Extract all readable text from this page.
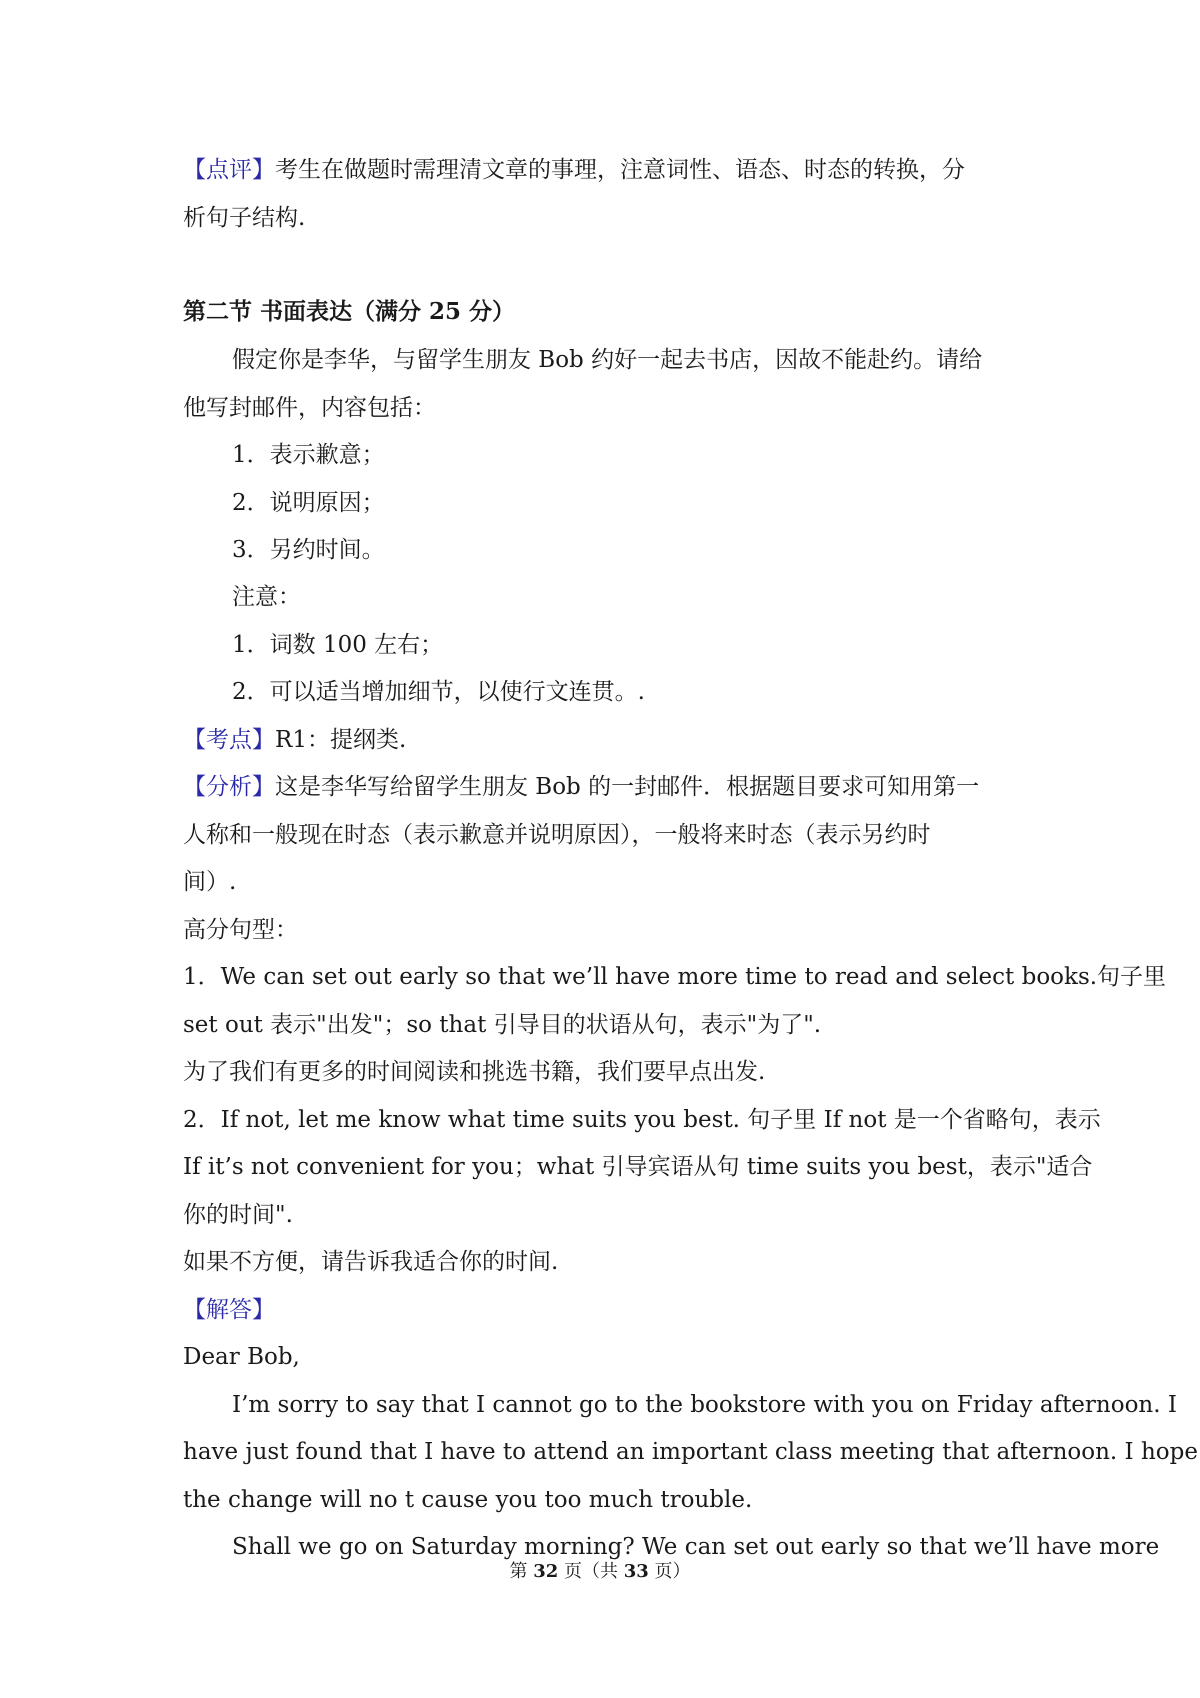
【点评】考生在做题时需理清文章的事理，注意词性、语态、时态的转换，分
析句子结构.
第二节 书面表达（满分 25 分）
假定你是李华，与留学生朋友 Bob 约好一起去书店，因故不能赴约。请给
他写封邮件，内容包括：
1．表示歉意；
2．说明原因；
3．另约时间。
注意：
1．词数 100 左右；
2．可以适当增加细节，以使行文连贯。.
【考点】R1：提纲类.
【分析】这是李华写给留学生朋友 Bob 的一封邮件．根据题目要求可知用第一
人称和一般现在时态（表示歉意并说明原因），一般将来时态（表示另约时
间）.
高分句型：
1．We can set out early so that we’ll have more time to read and select books.句子里
set out 表示"出发"；so that 引导目的状语从句，表示"为了".
为了我们有更多的时间阅读和挑选书籍，我们要早点出发.
2．If not, let me know what time suits you best. 句子里 If not 是一个省略句，表示
If it’s not convenient for you；what 引导宾语从句 time suits you best，表示"适合
你的时间".
如果不方便，请告诉我适合你的时间.
【解答】
Dear Bob,
I’m sorry to say that I cannot go to the bookstore with you on Friday afternoon. I
have just found that I have to attend an important class meeting that afternoon. I hope
the change will no t cause you too much trouble.
Shall we go on Saturday morning? We can set out early so that we’ll have more
第 32 页（共 33 页）
